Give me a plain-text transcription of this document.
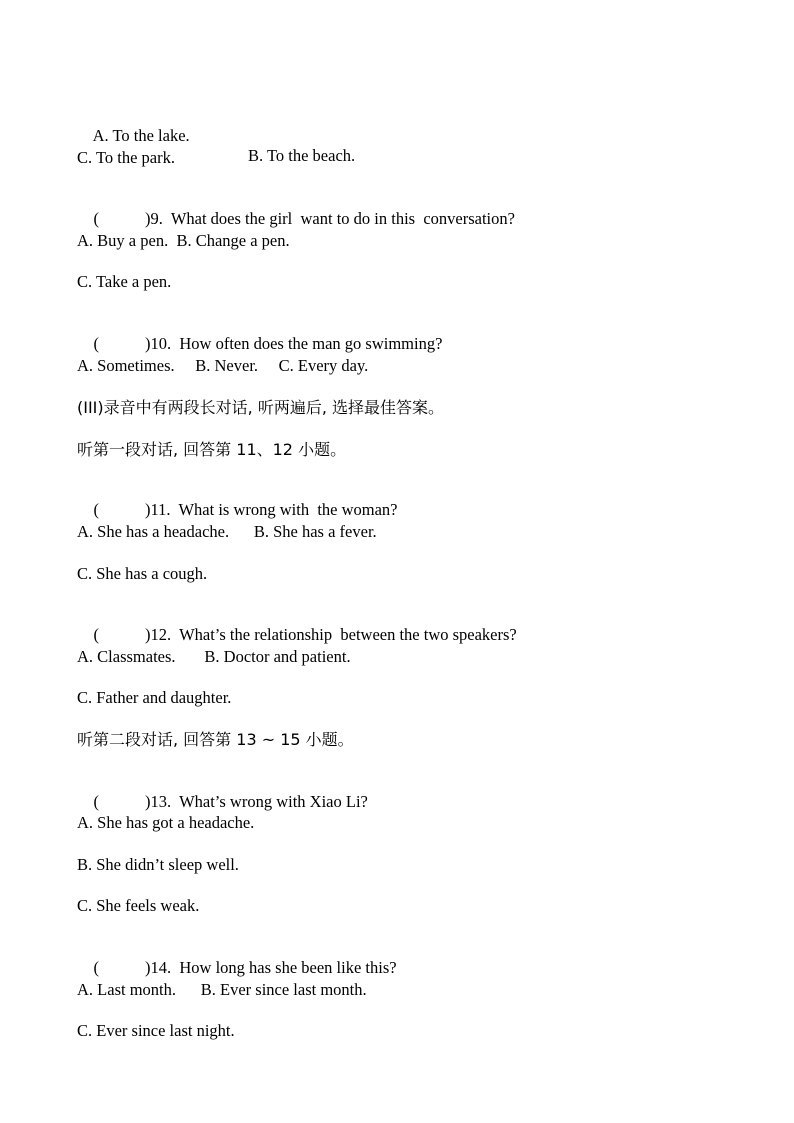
A. To the lake.

B. To the beach.

C. To the park.

(	)9.  What does the girl  want to do in this  conversation?

A. Buy a pen.  B. Change a pen.
C. Take a pen.

(	)10.  How often does the man go swimming?

A. Sometimes.     B. Never.     C. Every day.
(III)录音中有两段长对话, 听两遍后, 选择最佳答案。
听第一段对话, 回答第 11、12 小题。

(	)11.  What is wrong with  the woman?

A. She has a headache.      B. She has a fever.
C. She has a cough.

(	)12.  What’s the relationship  between the two speakers?

A. Classmates.       B. Doctor and patient.
C. Father and daughter.
听第二段对话, 回答第 13 ~ 15 小题。

(	)13.  What’s wrong with Xiao Li?

A. She has got a headache.
B. She didn’t sleep well.
C. She feels weak.

(	)14.  How long has she been like this?

A. Last month.      B. Ever since last month.
C. Ever since last night.
